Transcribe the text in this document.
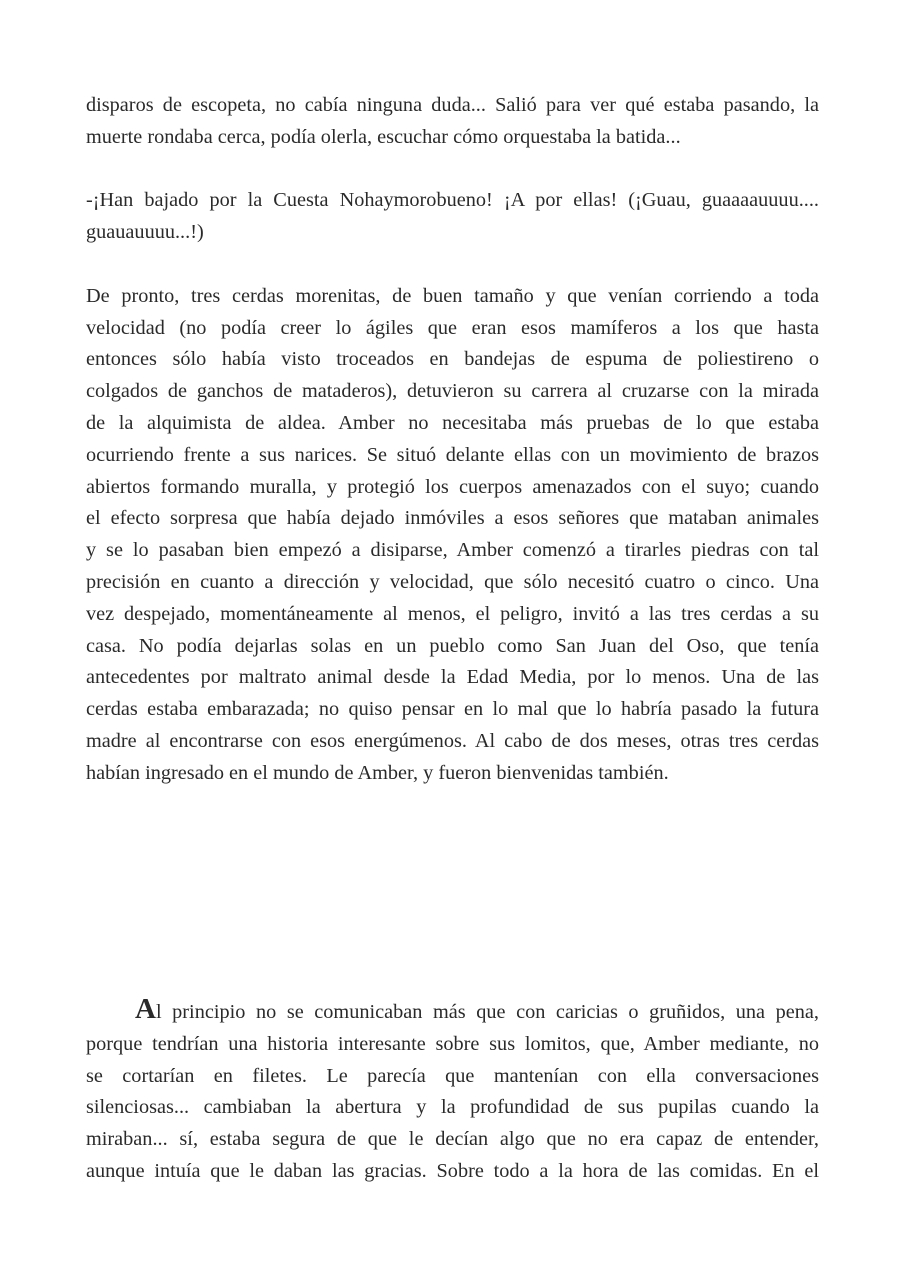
disparos de escopeta, no cabía ninguna duda... Salió para ver qué estaba pasando, la
muerte rondaba cerca, podía olerla, escuchar cómo orquestaba la batida...
-¡Han bajado por la Cuesta Nohaymorobueno! ¡A por ellas! (¡Guau, guaaaauuuu....
guauauuuu...!)
De pronto, tres cerdas morenitas, de buen tamaño y que venían corriendo a toda
velocidad (no podía creer lo ágiles que eran esos mamíferos a los que hasta
entonces sólo había visto troceados en bandejas de espuma de poliestireno o
colgados de ganchos de mataderos), detuvieron su carrera al cruzarse con la mirada
de la alquimista de aldea. Amber no necesitaba más pruebas de lo que estaba
ocurriendo frente a sus narices. Se situó delante ellas con un movimiento de brazos
abiertos formando muralla, y protegió los cuerpos amenazados con el suyo; cuando
el efecto sorpresa que había dejado inmóviles a esos señores que mataban animales
y se lo pasaban bien empezó a disiparse, Amber comenzó a tirarles piedras con tal
precisión en cuanto a dirección y velocidad, que sólo necesitó cuatro o cinco. Una
vez despejado, momentáneamente al menos, el peligro, invitó a las tres cerdas a su
casa. No podía dejarlas solas en un pueblo como San Juan del Oso, que tenía
antecedentes por maltrato animal desde la Edad Media, por lo menos. Una de las
cerdas estaba embarazada; no quiso pensar en lo mal que lo habría pasado la futura
madre al encontrarse con esos energúmenos. Al cabo de dos meses, otras tres cerdas
habían ingresado en el mundo de Amber, y fueron bienvenidas también.
Al principio no se comunicaban más que con caricias o gruñidos, una pena,
porque tendrían una historia interesante sobre sus lomitos, que, Amber mediante, no
se cortarían en filetes. Le parecía que mantenían con ella conversaciones
silenciosas... cambiaban la abertura y la profundidad de sus pupilas cuando la
miraban... sí, estaba segura de que le decían algo que no era capaz de entender,
aunque intuía que le daban las gracias. Sobre todo a la hora de las comidas. En el
